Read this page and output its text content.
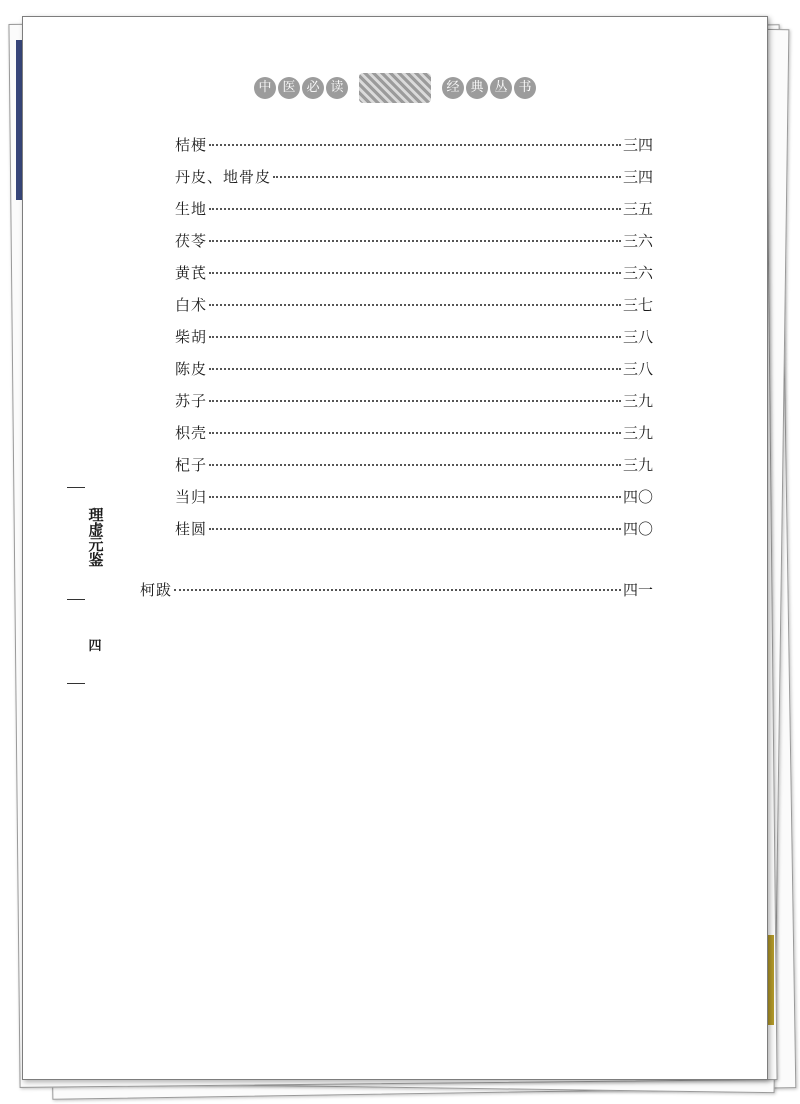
中 医 必 读	经 典 丛 书
桔梗	三四
丹皮、地骨皮	三四
生地	三五
茯苓	三六
黄芪	三六
白术	三七
柴胡	三八
陈皮	三八
苏子	三九
枳壳	三九
杞子	三九
当归	四〇
桂圆	四〇
柯跋	四一
理虚元鉴
四
